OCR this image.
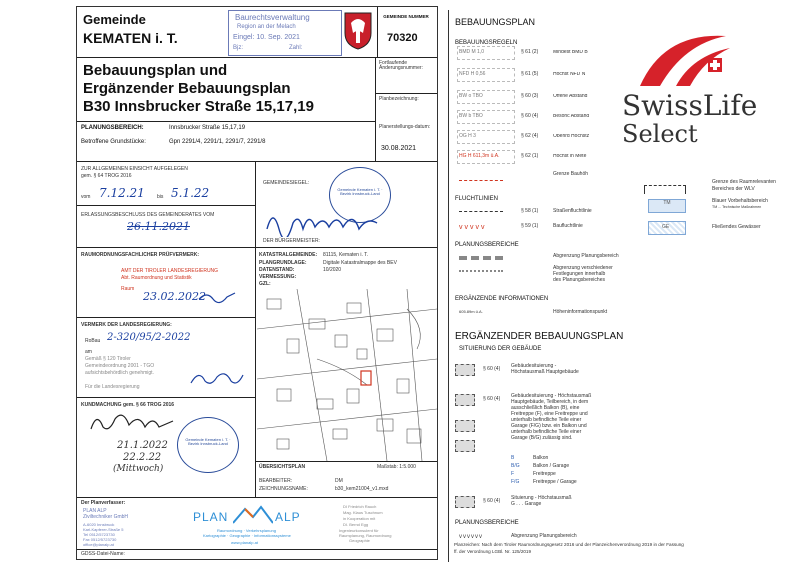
Gemeinde
KEMATEN i. T.
Baurechtsverwaltung
Region an der Melach
Eingel: 10. Sep. 2021
Bjz:	Zahl:
GEMEINDE NUMMER
70320
Bebauungsplan und
Ergänzender Bebauungsplan
B30 Innsbrucker Straße 15,17,19
Fortlaufende Änderungsnummer:
Planbezeichnung:
PLANUNGSBEREICH:	Innsbrucker Straße 15,17,19
Betroffene Grundstücke:	Gpn 2291/4, 2291/1, 2291/7, 2291/8
Planerstellungs-datum:
30.08.2021
ZUR ALLGEMEINEN EINSICHT AUFGELEGEN
gem. § 64 TROG 2016
vom 7.12.21 bis 5.1.22
GEMEINDESIEGEL:
Gemeinde Kematen i. T. · Bezirk Innsbruck-Land
ERLASSUNGSBESCHLUSS DES GEMEINDERATES VOM
26.11.2021
DER BÜRGERMEISTER:
RAUMORDNUNGSFACHLICHER PRÜFVERMERK:
AMT DER TIROLER LANDESREGIERUNG
Abt. Raumordnung und Statistik
Raum
23.02.2022
KATASTRALGEMEINDE: 81115, Kematen i. T.
PLANGRUNDLAGE:	Digitale Katastralmappe des BEV
DATENSTAND:	10/2020
VERMESSUNG:
GZL:
VERMERK DER LANDESREGIERUNG:
RoBau 2-320/95/2-2022
am
Gemäß § 120 Tiroler
Gemeindeordnung 2001 - TGO
aufsichtsbehördlich genehmigt.
Für die Landesregierung
KUNDMACHUNG gem. § 66 TROG 2016
Gemeinde Kematen i. T. · Bezirk Innsbruck-Land
21.1.2022
22.2.22
(Mittwoch)	ÜBERSICHTSPLAN	Maßstab: 1:5.000
BEARBEITER:	DM
ZEICHNUNGSNAME:	b30_kem21004_v1.mxd
Der Planverfasser:
PLAN ALP
Ziviltechniker GmbH
A-6020 Innsbruck
Karl-Kapferer-Straße 5
Tel 0512/5723730
Fax 0512/5723730
office@planalp.at
PLAN	ALP
Raumordnung · Verkehrsplanung
Kartographie · Geographie · Informationssysteme
www.planalp.at
DI Friedrich Rauch
Mag. Klaus Tuschnum
in Kooperation mit
DI. Bernd Egg
Ingenieurkonsulent für
Raumplanung, Raumordnung
Geographie
GDSS-Datei-Name:
BEBAUUNGSPLAN
BEBAUUNGSREGELN
BMD M 1,0	§ 61 (2)	Mindest BMD B
NFD H 0,56	§ 61 (5)	Höchst NFD N
BW o TBO	§ 60 (3)	Offene Abstand
BW b TBO	§ 60 (4)	Besonc Abstand
OG H 3	§ 62 (4)	Oberird Höchstz
HG H 611,3m ü.A.	§ 62 (1)	Höchst in Mete
Grenze Bauhöh
FLUCHTLINIEN
§ 58 (1)	Straßenfluchtlinie
vvvvv	§ 59 (1)	Baufluchtlinie
PLANUNGSBEREICHE
Abgrenzung Planungsbereich
Abgrenzung verschiedener
Festlegungen innerhalb
des Planungsbereiches
ERGÄNZENDE INFORMATIONEN
605.89m ü.A.	Höheninformationspunkt
ERGÄNZENDER BEBAUUNGSPLAN
SITUIERUNG DER GEBÄUDE
§ 60 (4) Gebäudesituierung -
Höchstausmaß Hauptgebäude
§ 60 (4) Gebäudesituierung - Höchstausmaß
Hauptgebäude, Teilbereich, in dem
ausschließlich Balkon (B), eine
Freitreppe (F), eine Freitreppe und
unterhalb befindliche Teile einer
Garage (F/G) bzw. ein Balkon und
unterhalb befindliche Teile einer
Garage (B/G) zulässig sind.
B	Balkon
B/G	Balkon / Garage
F	Freitreppe
F/G	Freitreppe / Garage
§ 60 (4) Situierung - Höchstausmaß
G . . . Garage
PLANUNGSBEREICHE
vvvvvv	Abgrenzung Planungsbereich
Planzeichen: Nach dem Tiroler Raumordnungsgesetz 2016 und der Planzeichenverordnung 2019 in der Fassung
ff. der Verordnung LGBl. Nr. 125/2019
SwissLife
Select
Grenze des Raumrelevanten
Bereiches der WLV
TM	Blauer Vorbehaltsbereich
TM ... Technische Maßnahmen
GE	Fließendes Gewässer
